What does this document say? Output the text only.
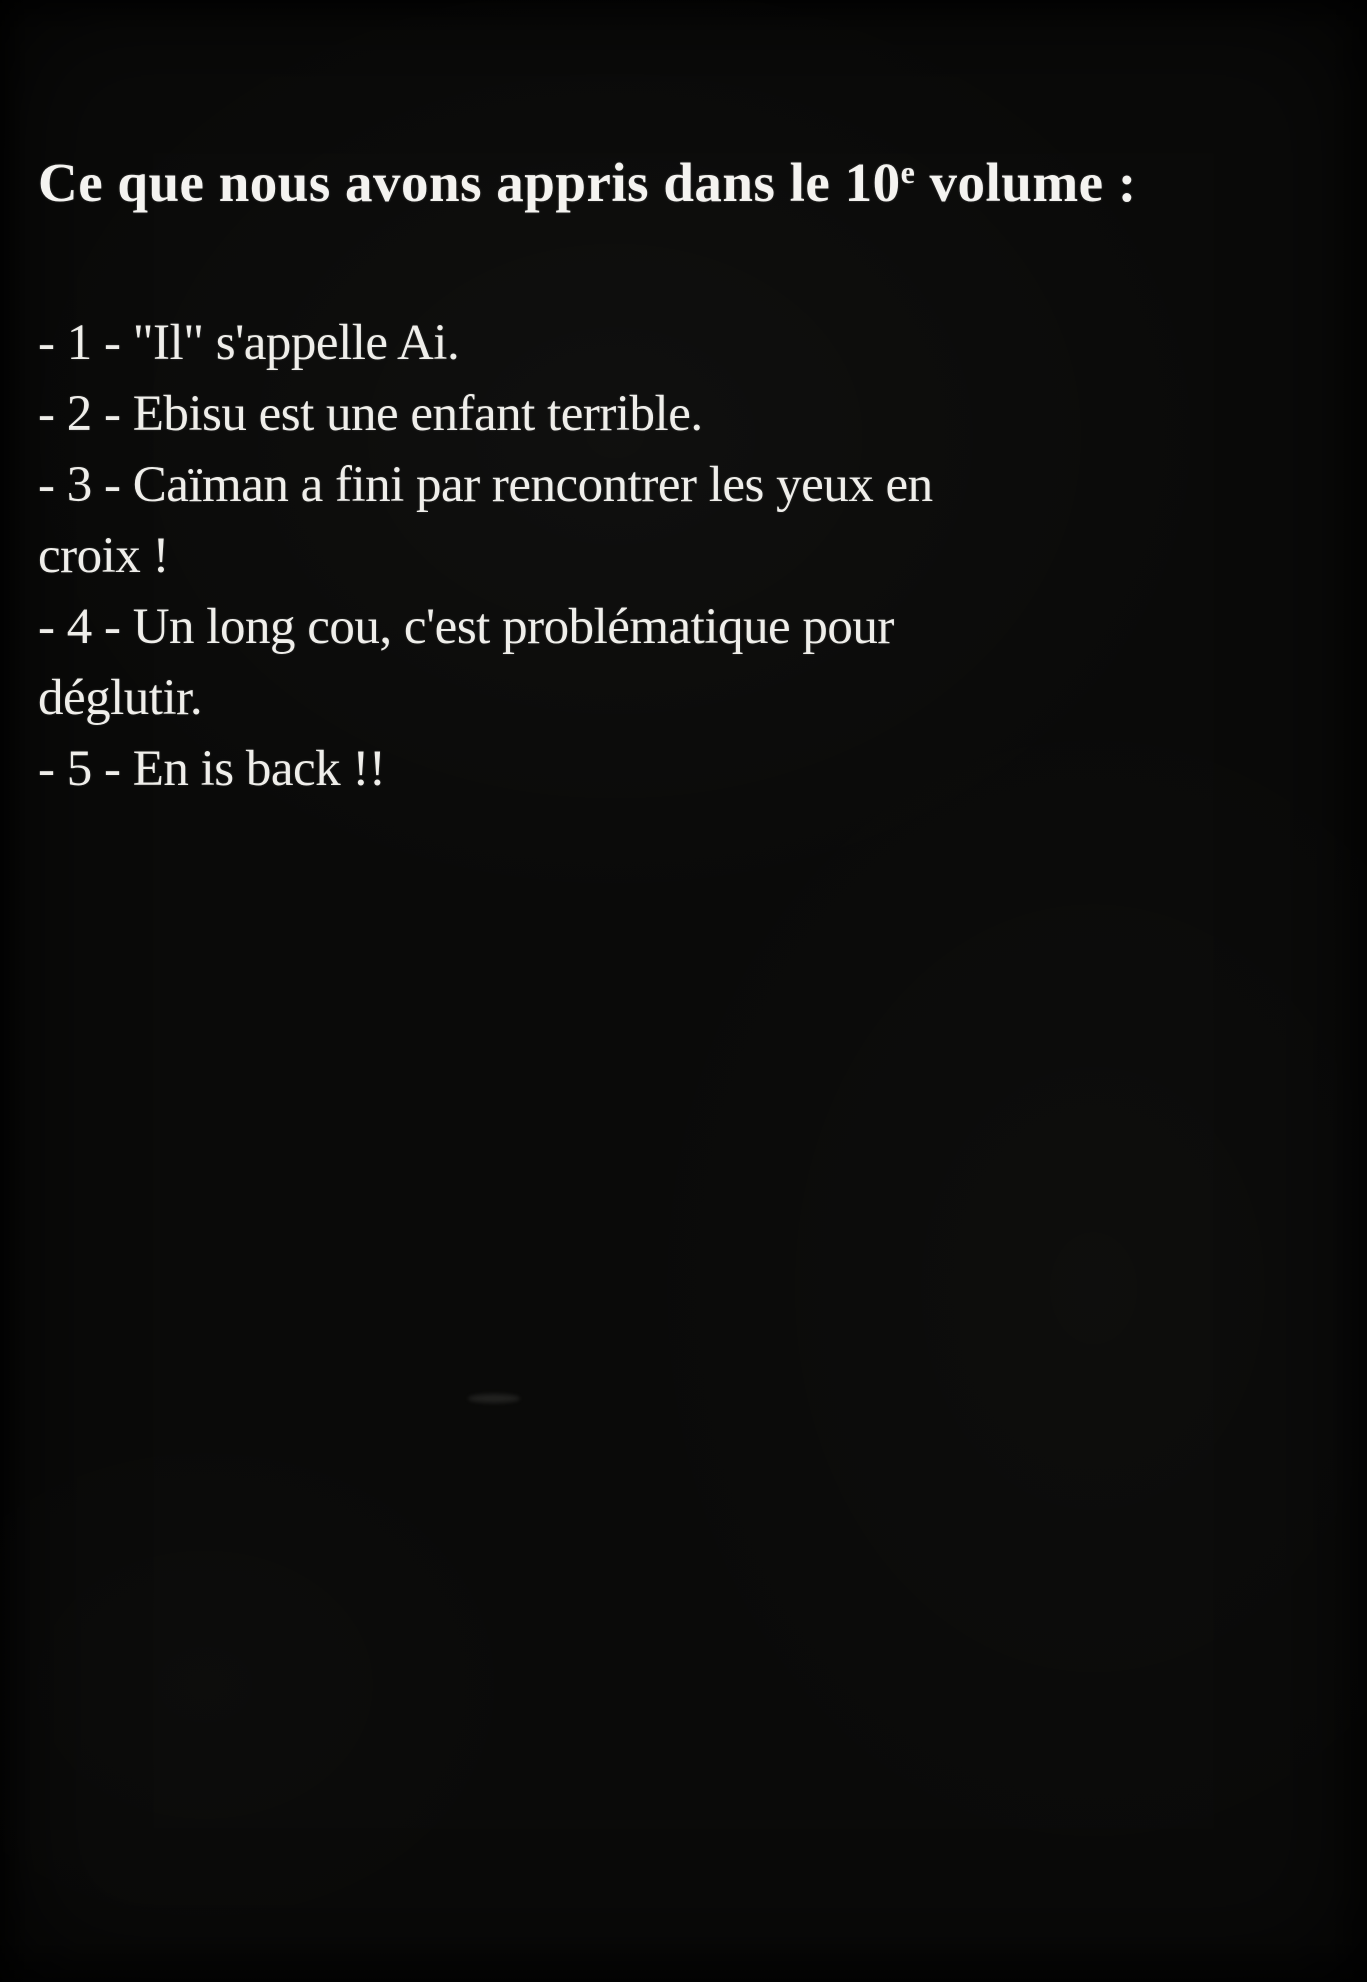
Ce que nous avons appris dans le 10e volume :

- 1 - "Il" s'appelle Ai.

- 2 - Ebisu est une enfant terrible.

- 3 - Caïman a fini par rencontrer les yeux en croix !

- 4 - Un long cou, c'est problématique pour déglutir.

- 5 - En is back !!
